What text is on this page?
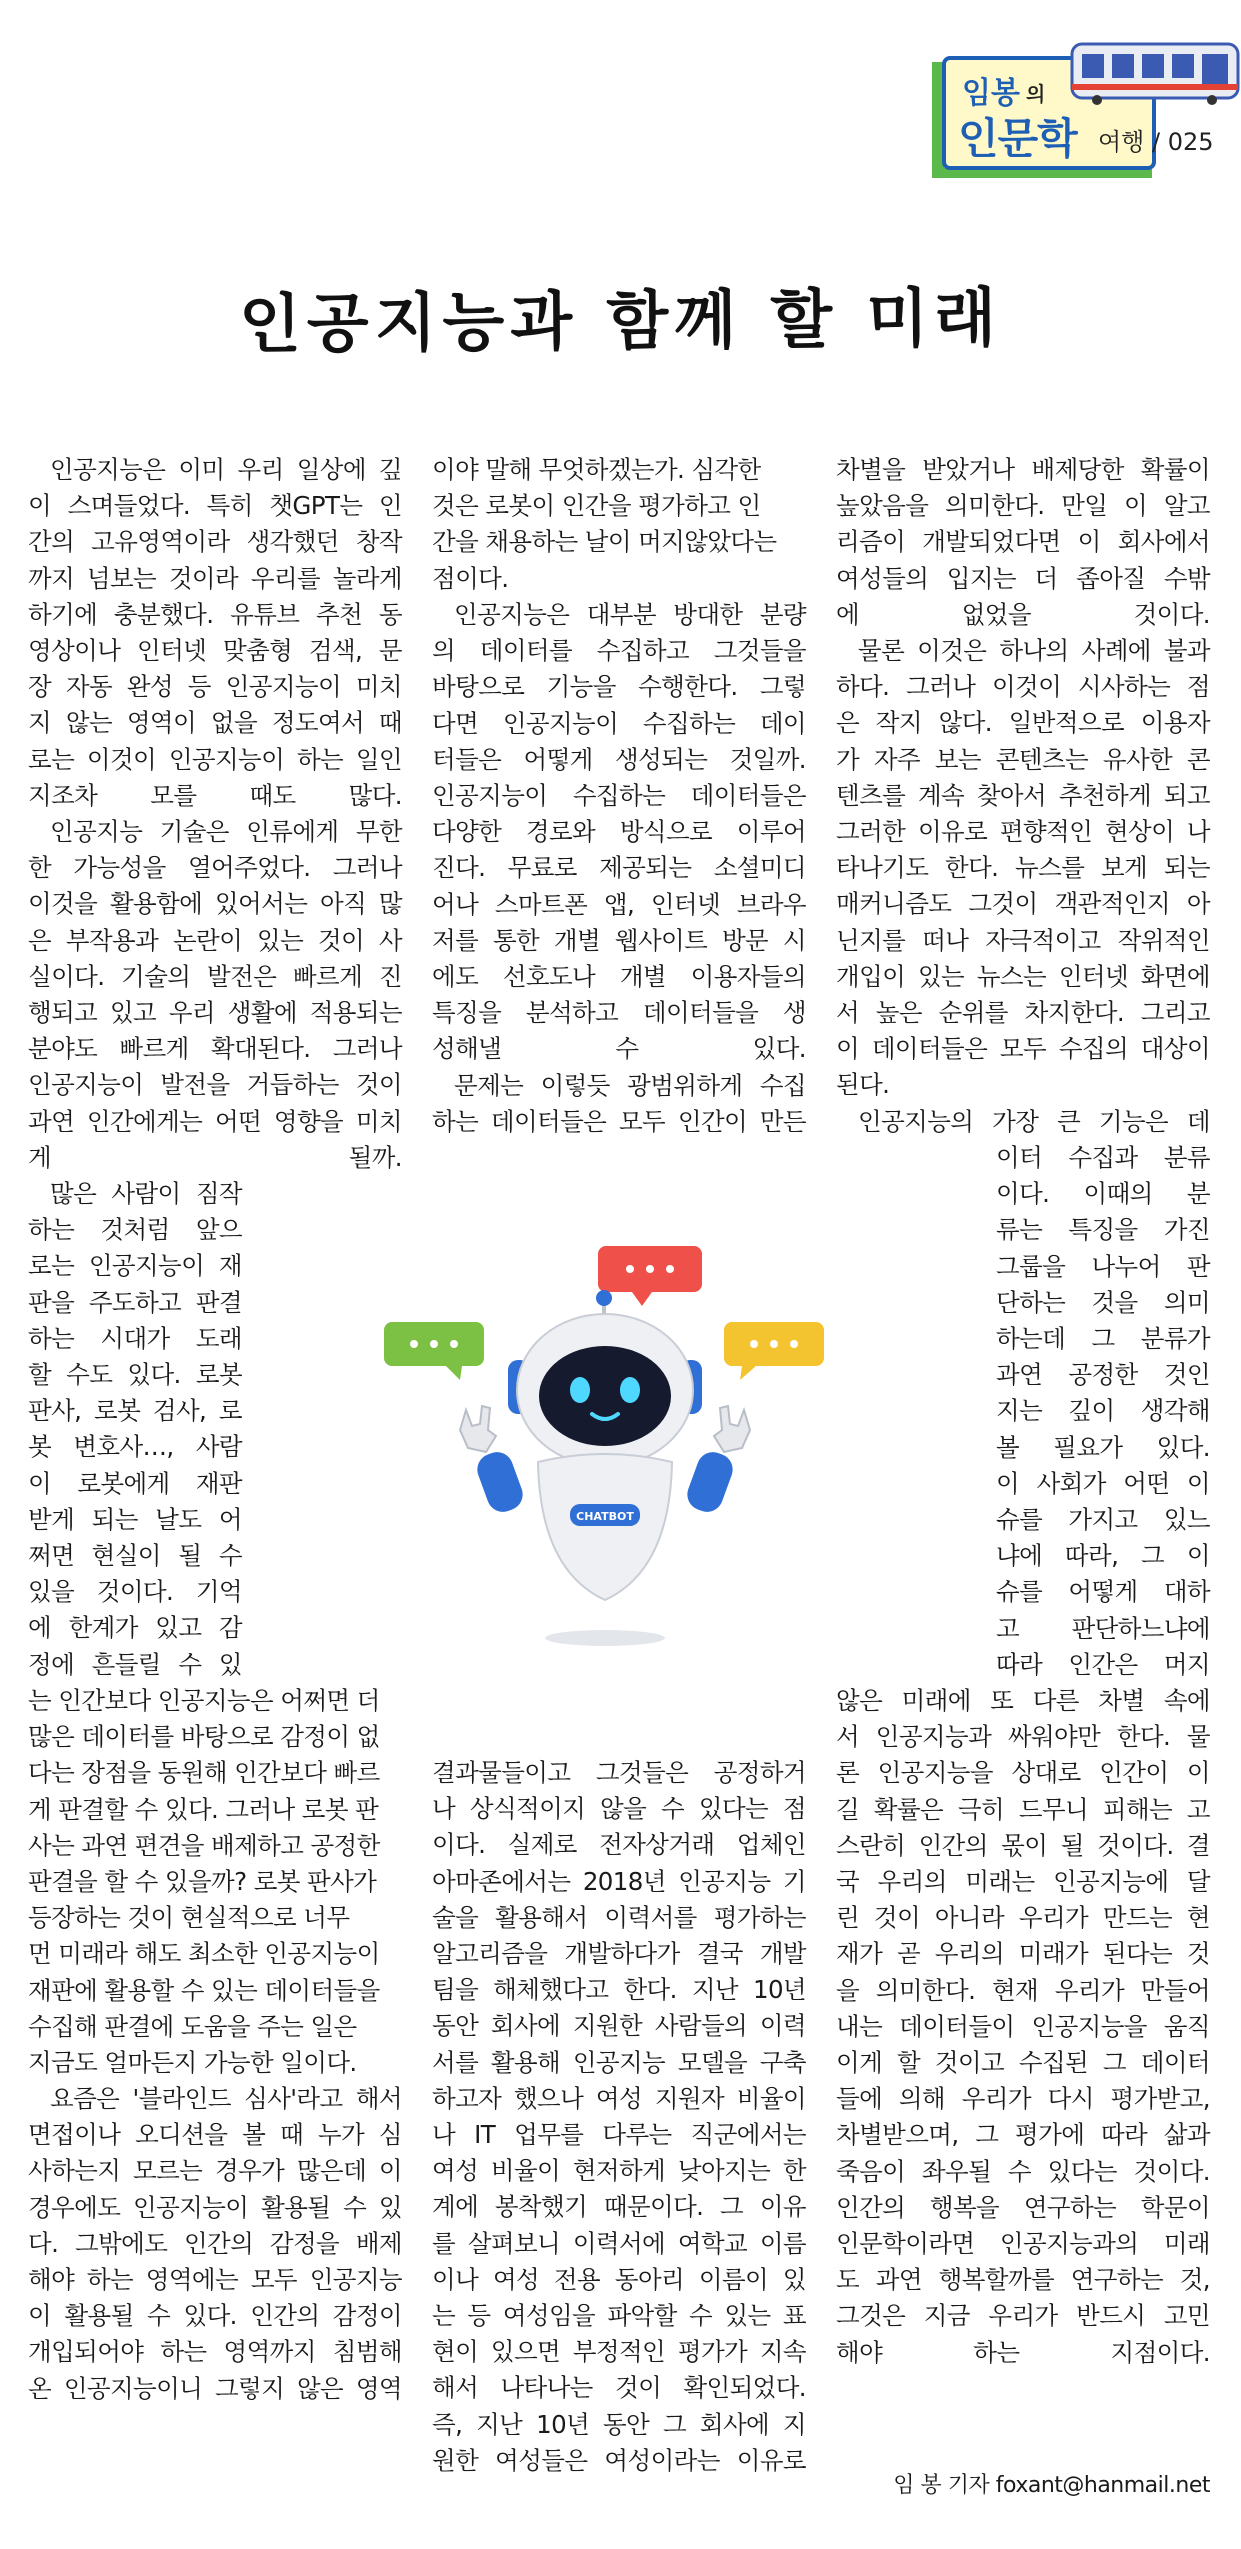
임봉 의
인문학 여행 / 025
인공지능과 함께 할 미래

인공지능은 이미 우리 일상에 깊
이 스며들었다. 특히 챗GPT는 인
간의 고유영역이라 생각했던 창작
까지 넘보는 것이라 우리를 놀라게
하기에 충분했다. 유튜브 추천 동
영상이나 인터넷 맞춤형 검색, 문
장 자동 완성 등 인공지능이 미치
지 않는 영역이 없을 정도여서 때
로는 이것이 인공지능이 하는 일인
지조차 모를 때도 많다.

인공지능 기술은 인류에게 무한
한 가능성을 열어주었다. 그러나
이것을 활용함에 있어서는 아직 많
은 부작용과 논란이 있는 것이 사
실이다. 기술의 발전은 빠르게 진
행되고 있고 우리 생활에 적용되는
분야도 빠르게 확대된다. 그러나
인공지능이 발전을 거듭하는 것이
과연 인간에게는 어떤 영향을 미치
게 될까.

많은 사람이 짐작
하는 것처럼 앞으
로는 인공지능이 재
판을 주도하고 판결
하는 시대가 도래
할 수도 있다. 로봇
판사, 로봇 검사, 로
봇 변호사…, 사람
이 로봇에게 재판
받게 되는 날도 어
쩌면 현실이 될 수
있을 것이다. 기억
에 한계가 있고 감
정에 흔들릴 수 있

는 인간보다 인공지능은 어쩌면 더
많은 데이터를 바탕으로 감정이 없
다는 장점을 동원해 인간보다 빠르
게 판결할 수 있다. 그러나 로봇 판
사는 과연 편견을 배제하고 공정한
판결을 할 수 있을까? 로봇 판사가
등장하는 것이 현실적으로 너무
먼 미래라 해도 최소한 인공지능이
재판에 활용할 수 있는 데이터들을
수집해 판결에 도움을 주는 일은
지금도 얼마든지 가능한 일이다.

요즘은 '블라인드 심사'라고 해서
면접이나 오디션을 볼 때 누가 심
사하는지 모르는 경우가 많은데 이
경우에도 인공지능이 활용될 수 있
다. 그밖에도 인간의 감정을 배제
해야 하는 영역에는 모두 인공지능
이 활용될 수 있다. 인간의 감정이
개입되어야 하는 영역까지 침범해
온 인공지능이니 그렇지 않은 영역

이야 말해 무엇하겠는가. 심각한
것은 로봇이 인간을 평가하고 인
간을 채용하는 날이 머지않았다는
점이다.

인공지능은 대부분 방대한 분량
의 데이터를 수집하고 그것들을
바탕으로 기능을 수행한다. 그렇
다면 인공지능이 수집하는 데이
터들은 어떻게 생성되는 것일까.
인공지능이 수집하는 데이터들은
다양한 경로와 방식으로 이루어
진다. 무료로 제공되는 소셜미디
어나 스마트폰 앱, 인터넷 브라우
저를 통한 개별 웹사이트 방문 시
에도 선호도나 개별 이용자들의
특징을 분석하고 데이터들을 생
성해낼 수 있다.

문제는 이렇듯 광범위하게 수집
하는 데이터들은 모두 인간이 만든

결과물들이고 그것들은 공정하거
나 상식적이지 않을 수 있다는 점
이다. 실제로 전자상거래 업체인
아마존에서는 2018년 인공지능 기
술을 활용해서 이력서를 평가하는
알고리즘을 개발하다가 결국 개발
팀을 해체했다고 한다. 지난 10년
동안 회사에 지원한 사람들의 이력
서를 활용해 인공지능 모델을 구축
하고자 했으나 여성 지원자 비율이
나 IT 업무를 다루는 직군에서는
여성 비율이 현저하게 낮아지는 한
계에 봉착했기 때문이다. 그 이유
를 살펴보니 이력서에 여학교 이름
이나 여성 전용 동아리 이름이 있
는 등 여성임을 파악할 수 있는 표
현이 있으면 부정적인 평가가 지속
해서 나타나는 것이 확인되었다.
즉, 지난 10년 동안 그 회사에 지
원한 여성들은 여성이라는 이유로

차별을 받았거나 배제당한 확률이
높았음을 의미한다. 만일 이 알고
리즘이 개발되었다면 이 회사에서
여성들의 입지는 더 좁아질 수밖
에 없었을 것이다.

물론 이것은 하나의 사례에 불과
하다. 그러나 이것이 시사하는 점
은 작지 않다. 일반적으로 이용자
가 자주 보는 콘텐츠는 유사한 콘
텐츠를 계속 찾아서 추천하게 되고
그러한 이유로 편향적인 현상이 나
타나기도 한다. 뉴스를 보게 되는
매커니즘도 그것이 객관적인지 아
닌지를 떠나 자극적이고 작위적인
개입이 있는 뉴스는 인터넷 화면에
서 높은 순위를 차지한다. 그리고
이 데이터들은 모두 수집의 대상이
된다.

인공지능의 가장 큰 기능은 데

이터 수집과 분류
이다. 이때의 분
류는 특징을 가진
그룹을 나누어 판
단하는 것을 의미
하는데 그 분류가
과연 공정한 것인
지는 깊이 생각해
볼 필요가 있다.
이 사회가 어떤 이
슈를 가지고 있느
냐에 따라, 그 이
슈를 어떻게 대하
고 판단하느냐에
따라 인간은 머지

않은 미래에 또 다른 차별 속에
서 인공지능과 싸워야만 한다. 물
론 인공지능을 상대로 인간이 이
길 확률은 극히 드무니 피해는 고
스란히 인간의 몫이 될 것이다. 결
국 우리의 미래는 인공지능에 달
린 것이 아니라 우리가 만드는 현
재가 곧 우리의 미래가 된다는 것
을 의미한다. 현재 우리가 만들어
내는 데이터들이 인공지능을 움직
이게 할 것이고 수집된 그 데이터
들에 의해 우리가 다시 평가받고,
차별받으며, 그 평가에 따라 삶과
죽음이 좌우될 수 있다는 것이다.
인간의 행복을 연구하는 학문이
인문학이라면 인공지능과의 미래
도 과연 행복할까를 연구하는 것,
그것은 지금 우리가 반드시 고민
해야 하는 지점이다.

임 봉 기자 foxant@hanmail.net
CHATBOT
